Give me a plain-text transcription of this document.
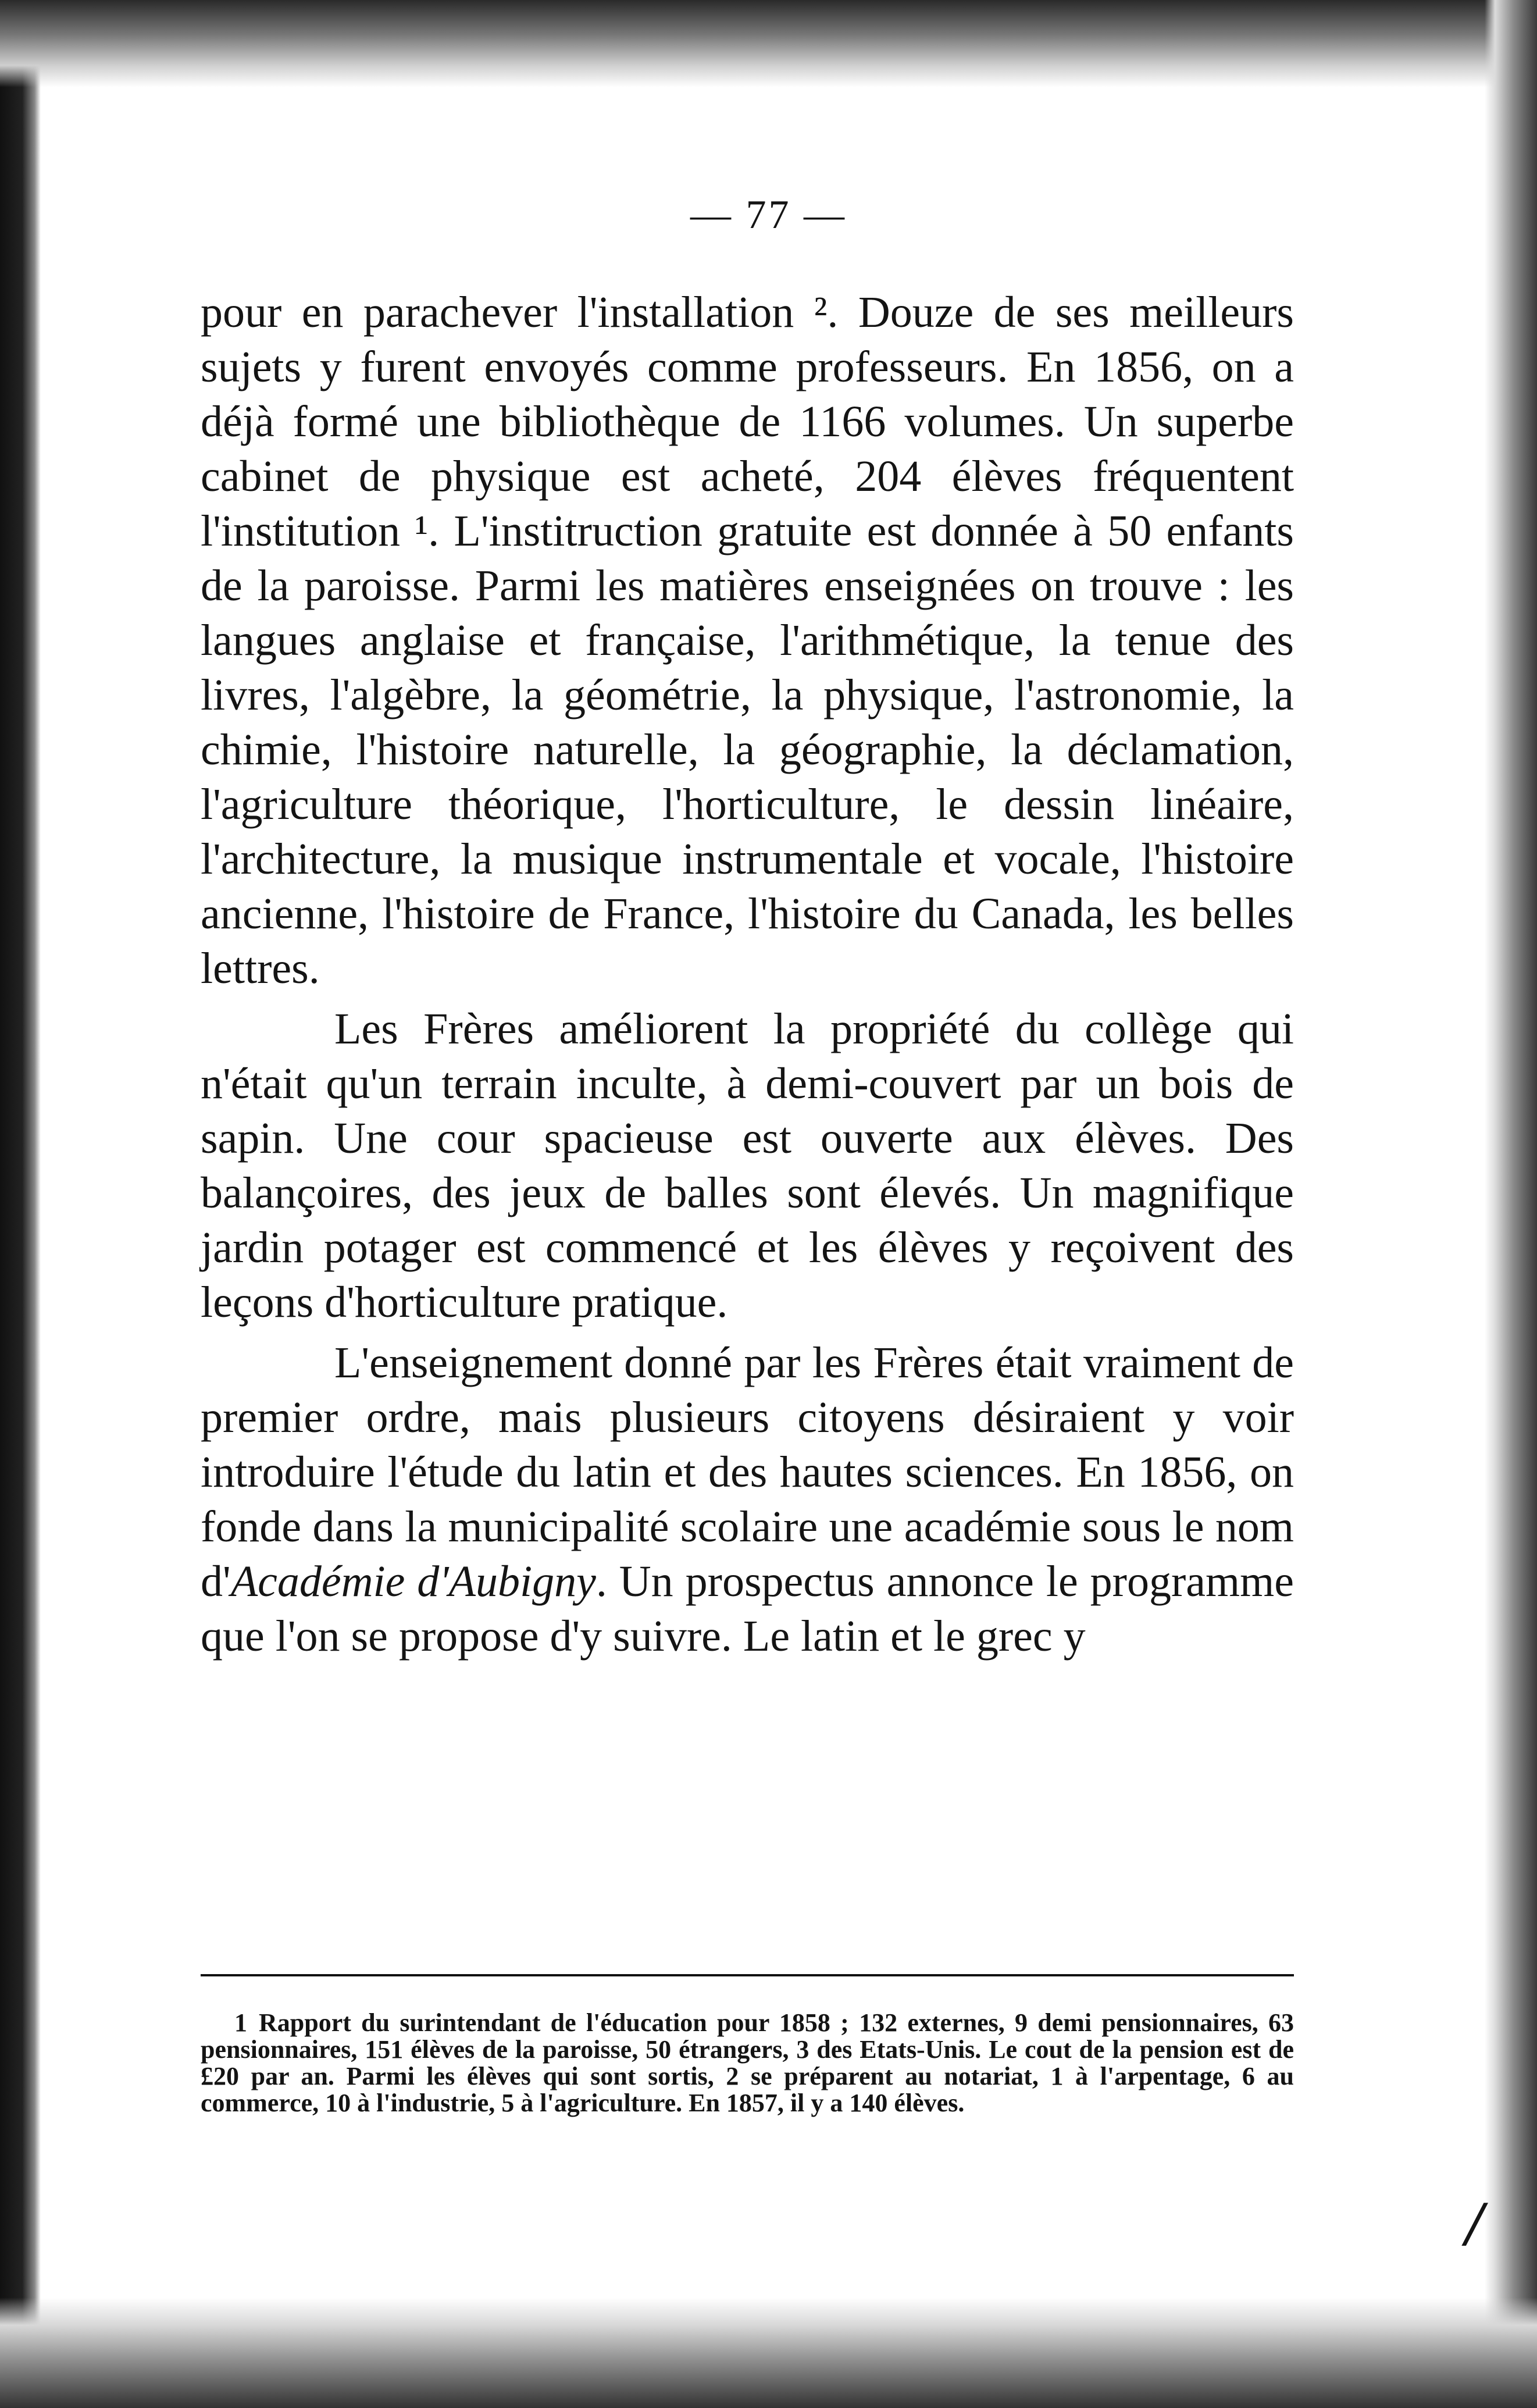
— 77 —

pour en parachever l'installation ². Douze de ses meilleurs sujets y furent envoyés comme professeurs. En 1856, on a déjà formé une bibliothèque de 1166 volumes. Un superbe cabinet de physique est acheté, 204 élèves fréquentent l'institution ¹. L'institruction gratuite est donnée à 50 enfants de la paroisse. Parmi les matières enseignées on trouve : les langues anglaise et française, l'arithmétique, la tenue des livres, l'algèbre, la géométrie, la physique, l'astronomie, la chimie, l'histoire naturelle, la géographie, la déclamation, l'agriculture théorique, l'horticulture, le dessin linéaire, l'architecture, la musique instrumentale et vocale, l'histoire ancienne, l'histoire de France, l'histoire du Canada, les belles lettres.

Les Frères améliorent la propriété du collège qui n'était qu'un terrain inculte, à demi-couvert par un bois de sapin. Une cour spacieuse est ouverte aux élèves. Des balançoires, des jeux de balles sont élevés. Un magnifique jardin potager est commencé et les élèves y reçoivent des leçons d'horticulture pratique.

L'enseignement donné par les Frères était vraiment de premier ordre, mais plusieurs citoyens désiraient y voir introduire l'étude du latin et des hautes sciences. En 1856, on fonde dans la municipalité scolaire une académie sous le nom d'Académie d'Aubigny. Un prospectus annonce le programme que l'on se propose d'y suivre. Le latin et le grec y

1 Rapport du surintendant de l'éducation pour 1858 ; 132 externes, 9 demi pensionnaires, 63 pensionnaires, 151 élèves de la paroisse, 50 étrangers, 3 des Etats-Unis. Le cout de la pension est de £20 par an. Parmi les élèves qui sont sortis, 2 se préparent au notariat, 1 à l'arpentage, 6 au commerce, 10 à l'industrie, 5 à l'agriculture. En 1857, il y a 140 élèves.
/
